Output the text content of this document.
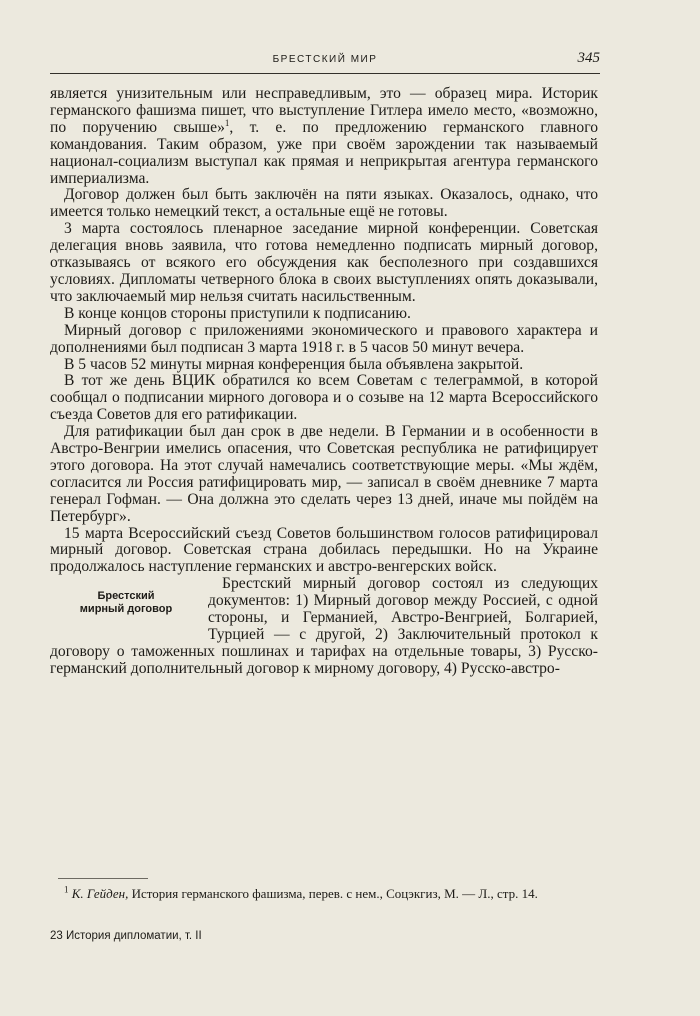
БРЕСТСКИЙ МИР	345

является унизительным или несправедливым, это — образец мира. Историк германского фашизма пишет, что выступление Гитлера имело место, «возможно, по поручению свыше»$^1$, т. е. по предложению германского главного командования. Таким образом, уже при своём зарождении так называемый национал-социализм выступал как прямая и неприкрытая агентура германского империализма.

Договор должен был быть заключён на пяти языках. Оказалось, однако, что имеется только немецкий текст, а остальные ещё не готовы.

3 марта состоялось пленарное заседание мирной конференции. Советская делегация вновь заявила, что готова немедленно подписать мирный договор, отказываясь от всякого его обсуждения как бесполезного при создавшихся условиях. Дипломаты четверного блока в своих выступлениях опять доказывали, что заключаемый мир нельзя считать насильственным.

В конце концов стороны приступили к подписанию.

Мирный договор с приложениями экономического и правового характера и дополнениями был подписан 3 марта 1918 г. в 5 часов 50 минут вечера.

В 5 часов 52 минуты мирная конференция была объявлена закрытой.

В тот же день ВЦИК обратился ко всем Советам с телеграммой, в которой сообщал о подписании мирного договора и о созыве на 12 марта Всероссийского съезда Советов для его ратификации.

Для ратификации был дан срок в две недели. В Германии и в особенности в Австро-Венгрии имелись опасения, что Советская республика не ратифицирует этого договора. На этот случай намечались соответствующие меры. «Мы ждём, согласится ли Россия ратифицировать мир, — записал в своём дневнике 7 марта генерал Гофман. — Она должна это сделать через 13 дней, иначе мы пойдём на Петербург».

15 марта Всероссийский съезд Советов большинством голосов ратифицировал мирный договор. Советская страна добилась передышки. Но на Украине продолжалось наступление германских и австро-венгерских войск.

Брестский
мирный договор

Брестский мирный договор состоял из следующих документов: 1) Мирный договор между Россией, с одной стороны, и Германией, Австро-Венгрией, Болгарией, Турцией — с другой, 2) Заключительный протокол к договору о таможенных пошлинах и тарифах на отдельные товары, 3) Русско-германский дополнительный договор к мирному договору, 4) Русско-австро-

$^1$ К. Гейден, История германского фашизма, перев. с нем., Соцэкгиз, М. — Л., стр. 14.
23 История дипломатии, т. II
